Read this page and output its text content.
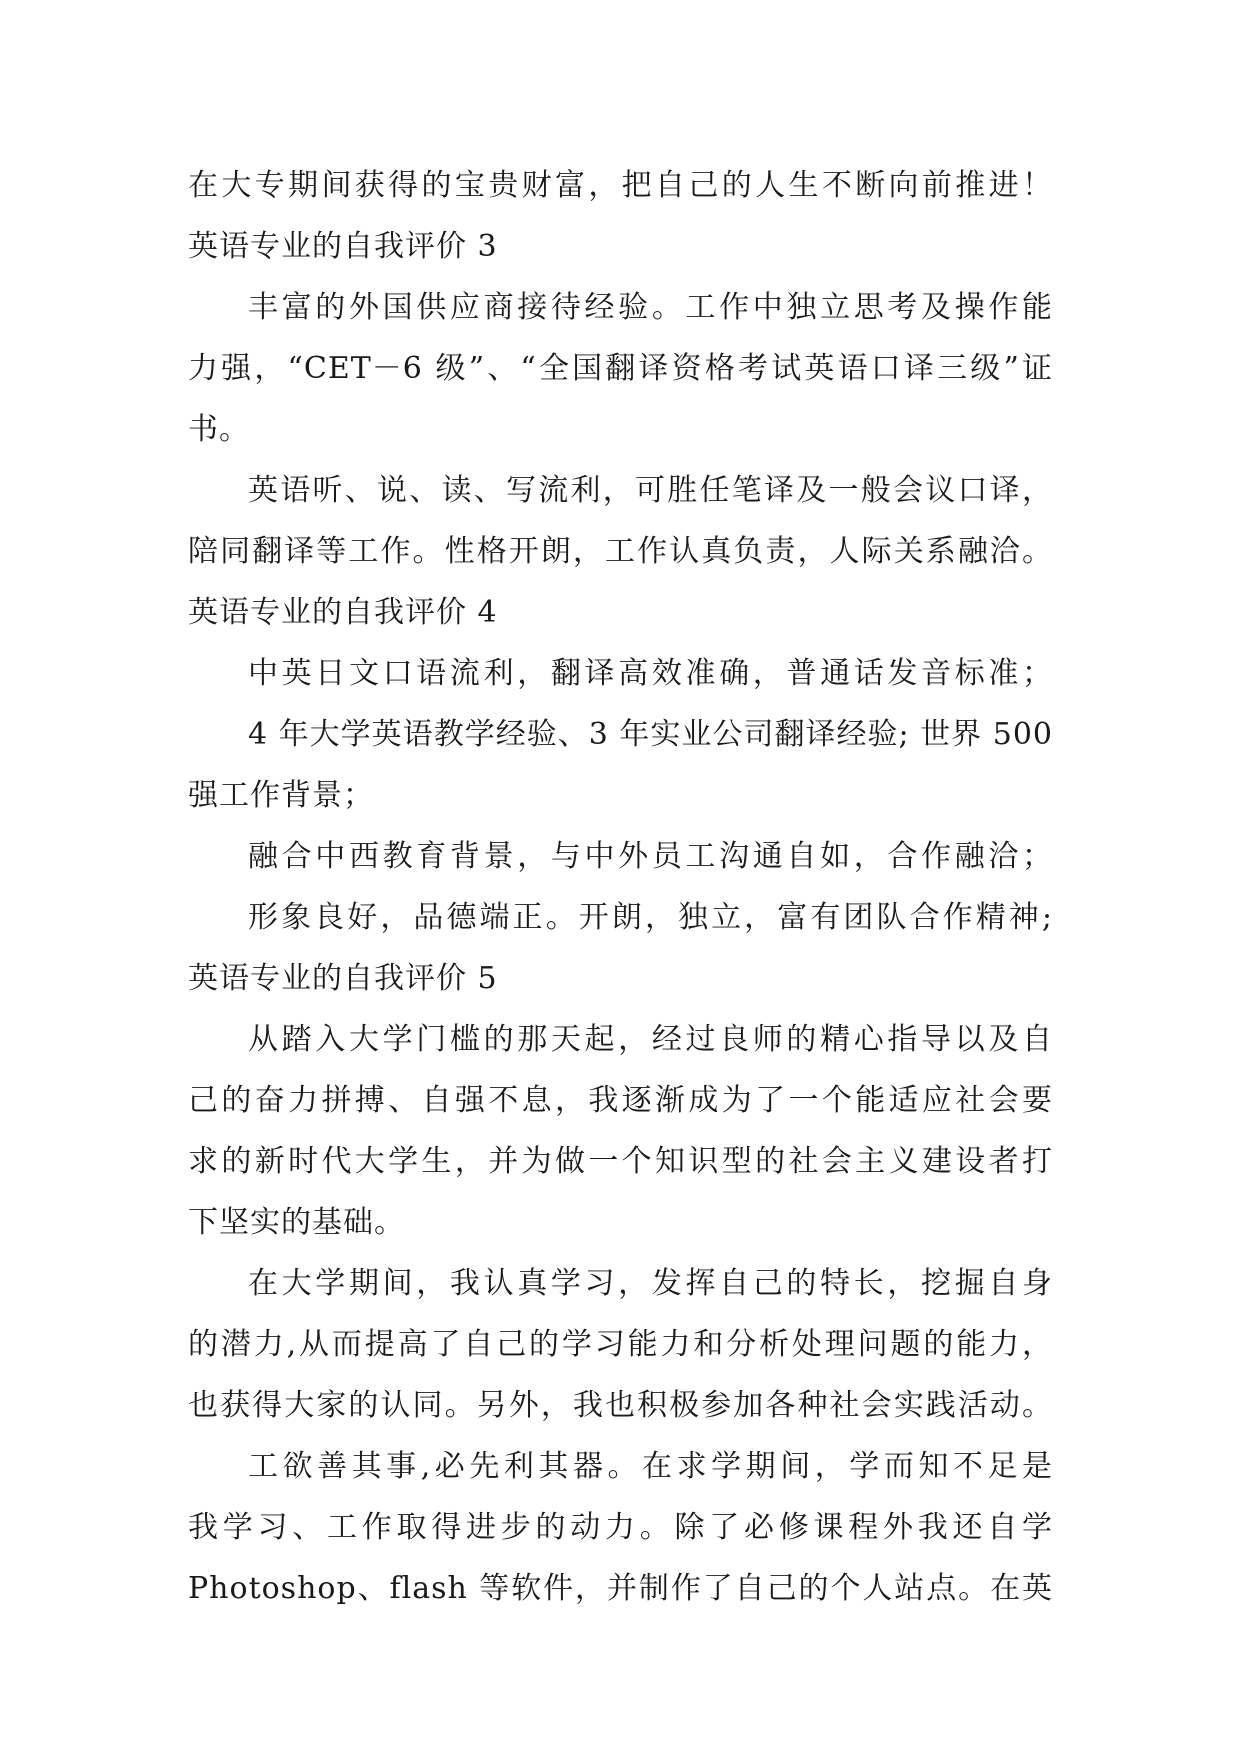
在大专期间获得的宝贵财富，把自己的人生不断向前推进！
英语专业的自我评价 3
丰富的外国供应商接待经验。工作中独立思考及操作能
力强，“CET－6 级”、“全国翻译资格考试英语口译三级”证
书。
英语听、说、读、写流利，可胜任笔译及一般会议口译，
陪同翻译等工作。性格开朗，工作认真负责，人际关系融洽。
英语专业的自我评价 4
中英日文口语流利，翻译高效准确，普通话发音标准；
4 年大学英语教学经验、3 年实业公司翻译经验; 世界 500
强工作背景；
融合中西教育背景，与中外员工沟通自如，合作融洽；
形象良好，品德端正。开朗，独立，富有团队合作精神;
英语专业的自我评价 5
从踏入大学门槛的那天起，经过良师的精心指导以及自
己的奋力拼搏、自强不息，我逐渐成为了一个能适应社会要
求的新时代大学生，并为做一个知识型的社会主义建设者打
下坚实的基础。
在大学期间，我认真学习，发挥自己的特长，挖掘自身
的潜力,从而提高了自己的学习能力和分析处理问题的能力，
也获得大家的认同。另外，我也积极参加各种社会实践活动。
工欲善其事,必先利其器。在求学期间，学而知不足是
我学习、工作取得进步的动力。除了必修课程外我还自学
Photoshop、flash 等软件，并制作了自己的个人站点。在英
